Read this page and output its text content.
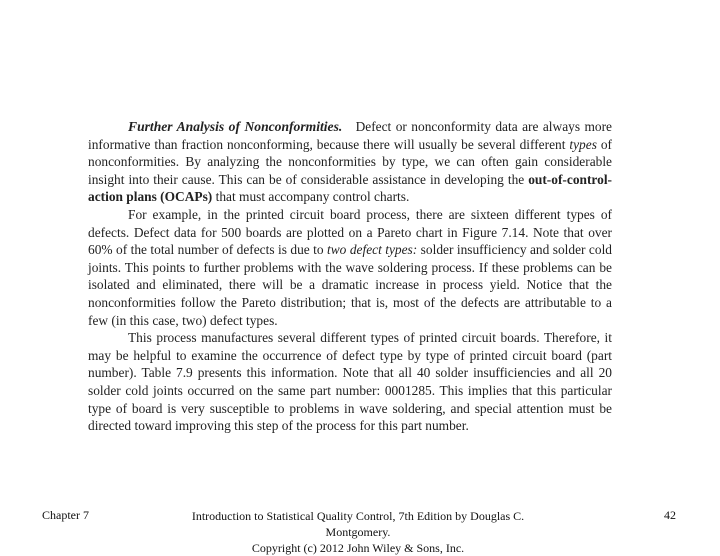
Further Analysis of Nonconformities. Defect or nonconformity data are always more informative than fraction nonconforming, because there will usually be several different types of nonconformities. By analyzing the nonconformities by type, we can often gain considerable insight into their cause. This can be of considerable assistance in developing the out-of-control-action plans (OCAPs) that must accompany control charts.

For example, in the printed circuit board process, there are sixteen different types of defects. Defect data for 500 boards are plotted on a Pareto chart in Figure 7.14. Note that over 60% of the total number of defects is due to two defect types: solder insufficiency and solder cold joints. This points to further problems with the wave soldering process. If these problems can be isolated and eliminated, there will be a dramatic increase in process yield. Notice that the nonconformities follow the Pareto distribution; that is, most of the defects are attributable to a few (in this case, two) defect types.

This process manufactures several different types of printed circuit boards. Therefore, it may be helpful to examine the occurrence of defect type by type of printed circuit board (part number). Table 7.9 presents this information. Note that all 40 solder insufficiencies and all 20 solder cold joints occurred on the same part number: 0001285. This implies that this particular type of board is very susceptible to problems in wave soldering, and special attention must be directed toward improving this step of the process for this part number.

Chapter 7	Introduction to Statistical Quality Control, 7th Edition by Douglas C. Montgomery.
Copyright (c) 2012 John Wiley & Sons, Inc.
42
